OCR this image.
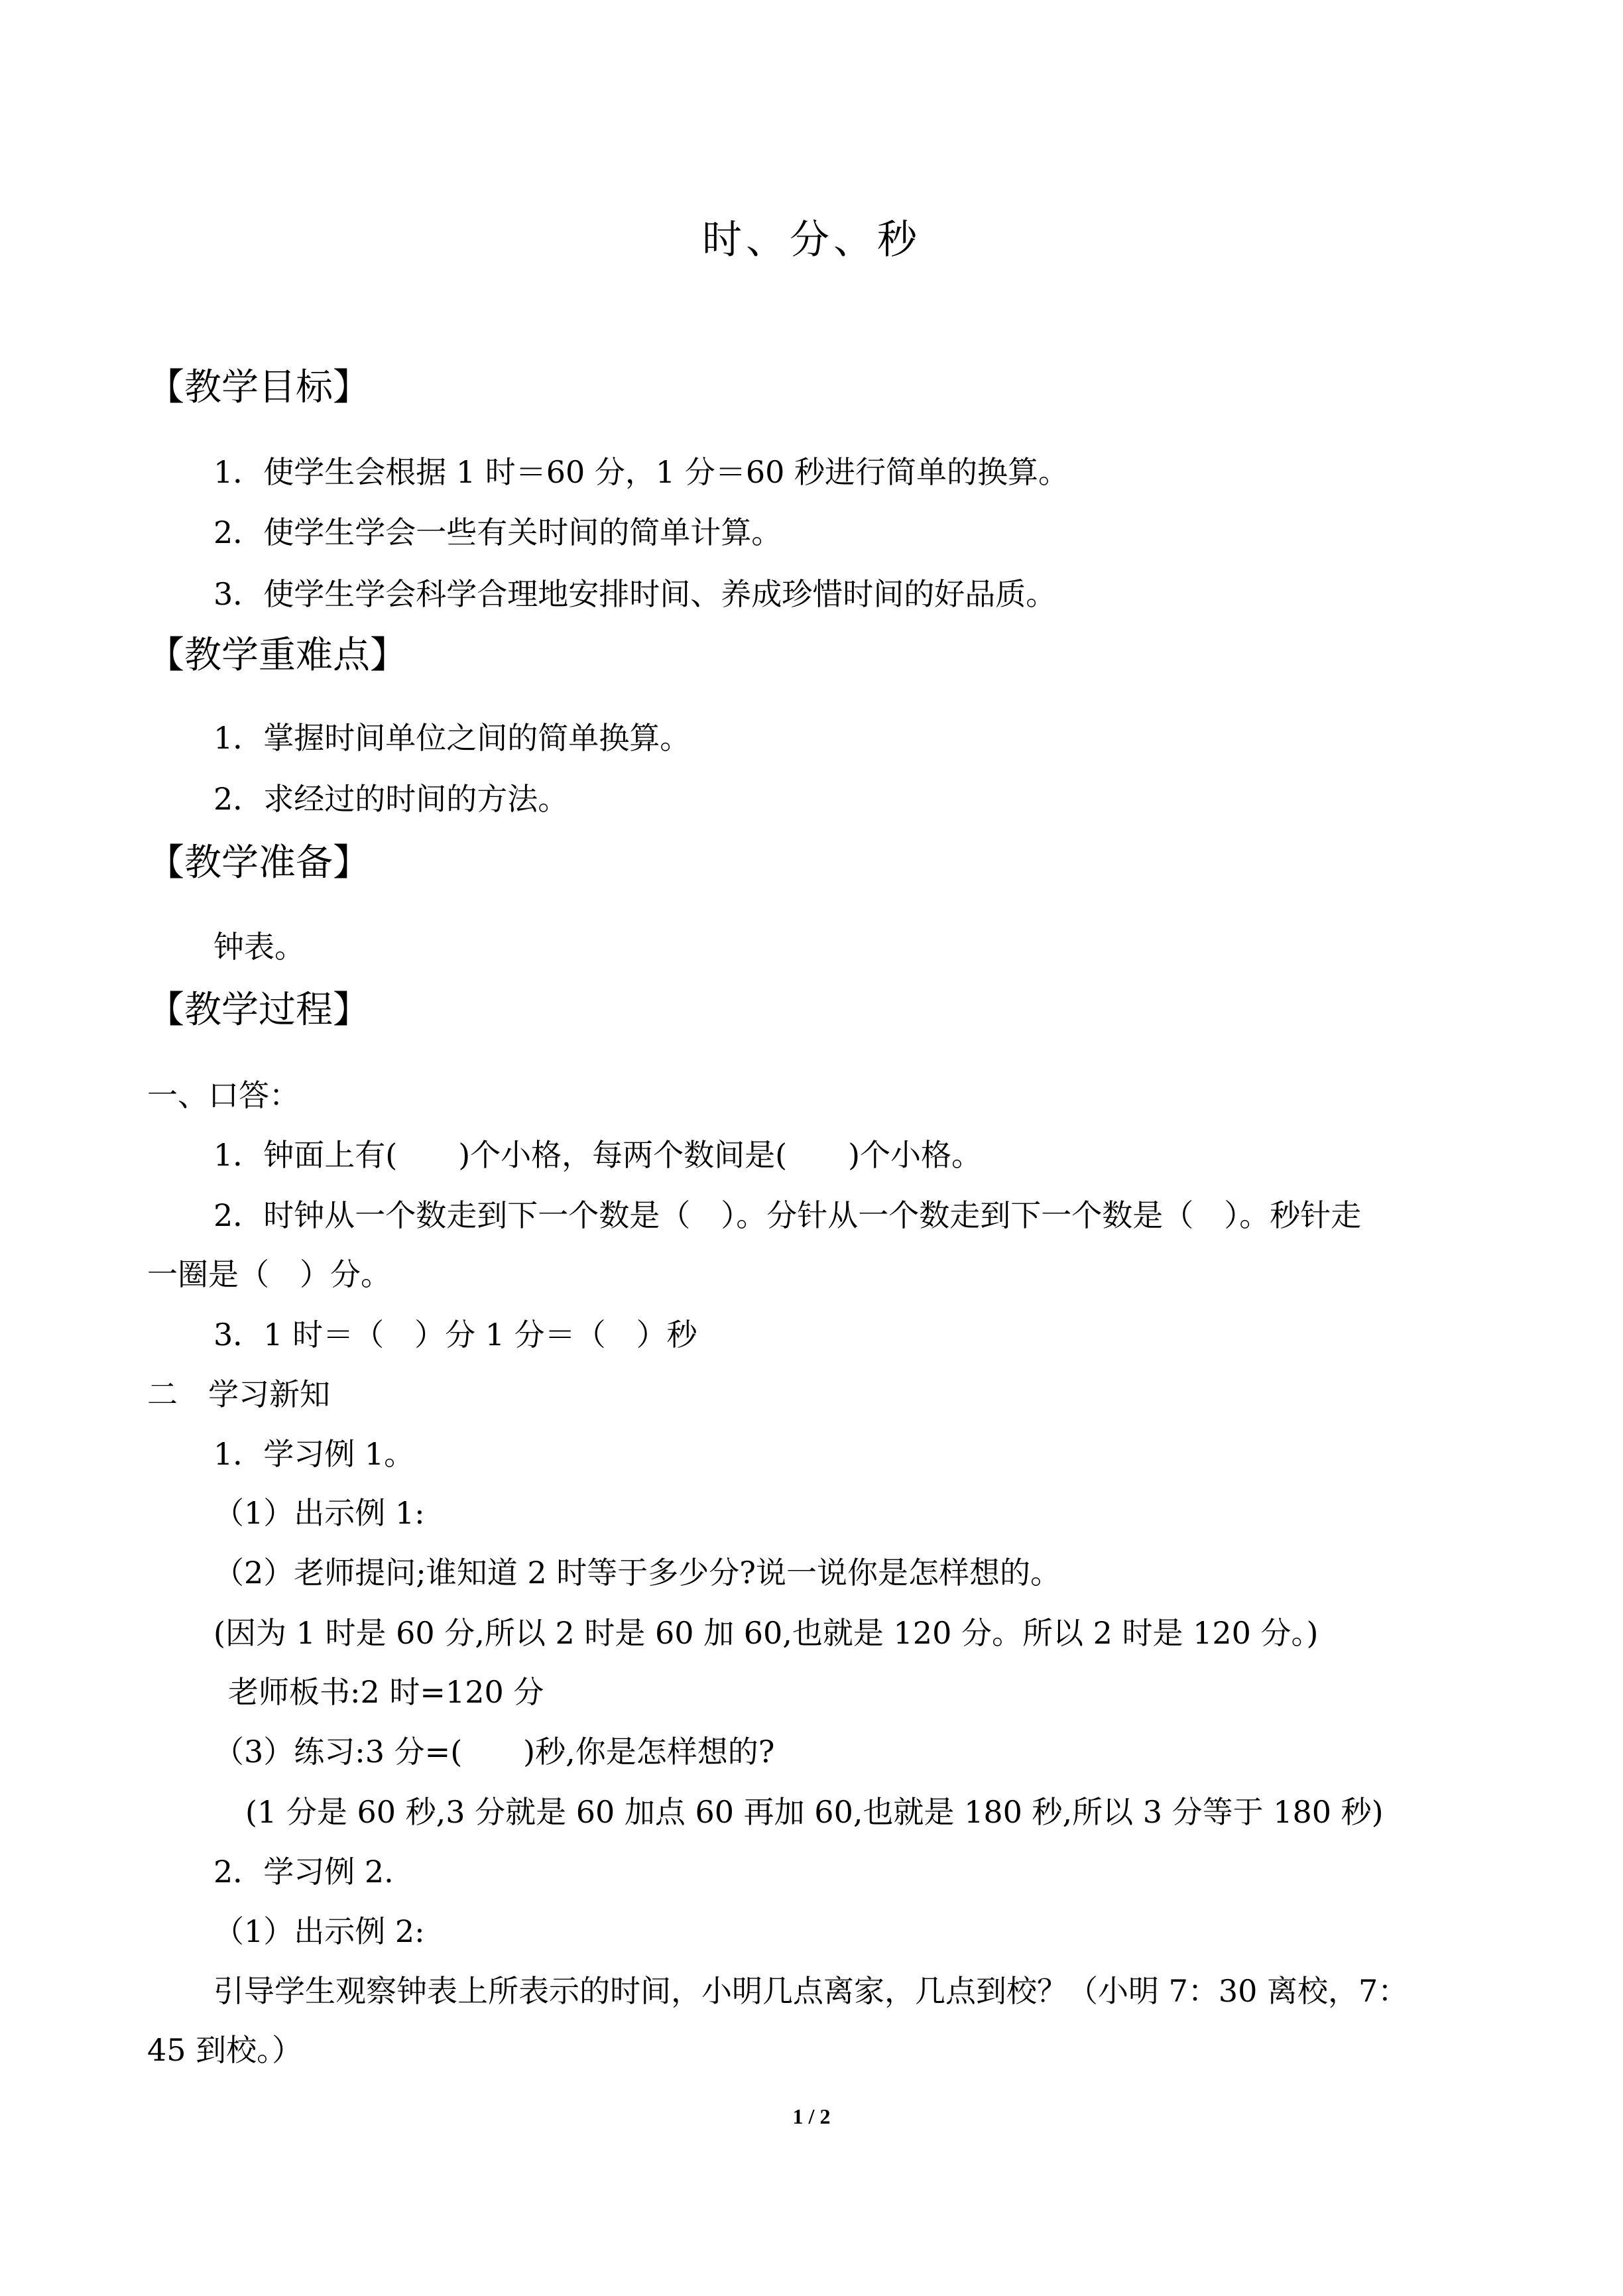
时、分、秒
【教学目标】
1．使学生会根据 1 时＝60 分，1 分＝60 秒进行简单的换算。
2．使学生学会一些有关时间的简单计算。
3．使学生学会科学合理地安排时间、养成珍惜时间的好品质。
【教学重难点】
1．掌握时间单位之间的简单换算。
2．求经过的时间的方法。
【教学准备】
钟表。
【教学过程】
一、口答：
1．钟面上有(　　)个小格，每两个数间是(　　)个小格。
2．时钟从一个数走到下一个数是（　）。分针从一个数走到下一个数是（　）。秒针走
一圈是（　）分。
3．1 时＝（　）分 1 分＝（　）秒
二　学习新知
1．学习例 1。
（1）出示例 1:
（2）老师提问;谁知道 2 时等于多少分?说一说你是怎样想的。
(因为 1 时是 60 分,所以 2 时是 60 加 60,也就是 120 分。所以 2 时是 120 分。)
老师板书:2 时=120 分
（3）练习:3 分=(　　)秒,你是怎样想的?
(1 分是 60 秒,3 分就是 60 加点 60 再加 60,也就是 180 秒,所以 3 分等于 180 秒)
2．学习例 2.
（1）出示例 2:
引导学生观察钟表上所表示的时间，小明几点离家，几点到校？（小明 7：30 离校，7：
45 到校。）
1 / 2
